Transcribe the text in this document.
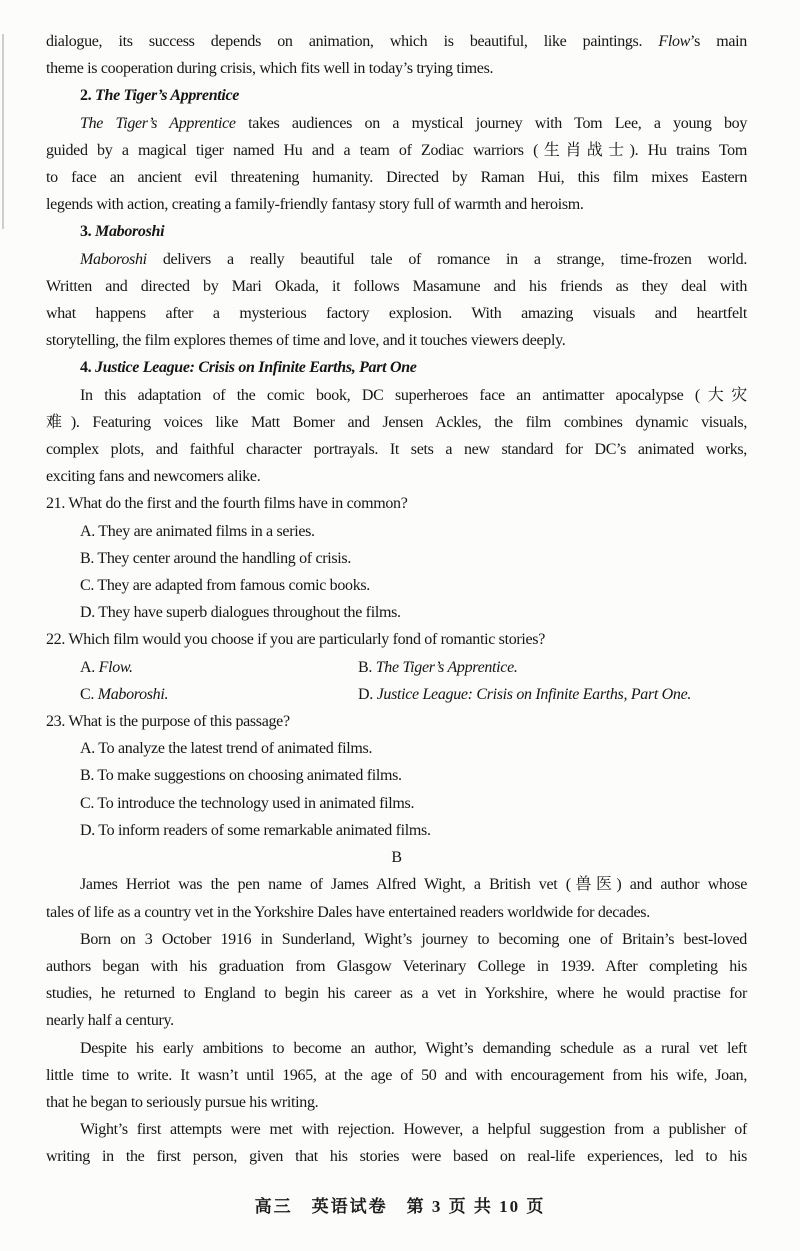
dialogue, its success depends on animation, which is beautiful, like paintings. Flow’s main
theme is cooperation during crisis, which fits well in today’s trying times.
2. The Tiger’s Apprentice
The Tiger’s Apprentice takes audiences on a mystical journey with Tom Lee, a young boy
guided by a magical tiger named Hu and a team of Zodiac warriors (生肖战士). Hu trains Tom
to face an ancient evil threatening humanity. Directed by Raman Hui, this film mixes Eastern
legends with action, creating a family-friendly fantasy story full of warmth and heroism.
3. Maboroshi
Maboroshi delivers a really beautiful tale of romance in a strange, time-frozen world.
Written and directed by Mari Okada, it follows Masamune and his friends as they deal with
what happens after a mysterious factory explosion. With amazing visuals and heartfelt
storytelling, the film explores themes of time and love, and it touches viewers deeply.
4. Justice League: Crisis on Infinite Earths, Part One
In this adaptation of the comic book, DC superheroes face an antimatter apocalypse (大灾
难). Featuring voices like Matt Bomer and Jensen Ackles, the film combines dynamic visuals,
complex plots, and faithful character portrayals. It sets a new standard for DC’s animated works,
exciting fans and newcomers alike.
21. What do the first and the fourth films have in common?
A. They are animated films in a series.
B. They center around the handling of crisis.
C. They are adapted from famous comic books.
D. They have superb dialogues throughout the films.
22. Which film would you choose if you are particularly fond of romantic stories?
A. Flow.	B. The Tiger’s Apprentice.
C. Maboroshi.	D. Justice League: Crisis on Infinite Earths, Part One.
23. What is the purpose of this passage?
A. To analyze the latest trend of animated films.
B. To make suggestions on choosing animated films.
C. To introduce the technology used in animated films.
D. To inform readers of some remarkable animated films.
B
James Herriot was the pen name of James Alfred Wight, a British vet (兽医) and author whose
tales of life as a country vet in the Yorkshire Dales have entertained readers worldwide for decades.
Born on 3 October 1916 in Sunderland, Wight’s journey to becoming one of Britain’s best-loved
authors began with his graduation from Glasgow Veterinary College in 1939. After completing his
studies, he returned to England to begin his career as a vet in Yorkshire, where he would practise for
nearly half a century.
Despite his early ambitions to become an author, Wight’s demanding schedule as a rural vet left
little time to write. It wasn’t until 1965, at the age of 50 and with encouragement from his wife, Joan,
that he began to seriously pursue his writing.
Wight’s first attempts were met with rejection. However, a helpful suggestion from a publisher of
writing in the first person, given that his stories were based on real-life experiences, led to his
高三　英语试卷　第 3 页 共 10 页
